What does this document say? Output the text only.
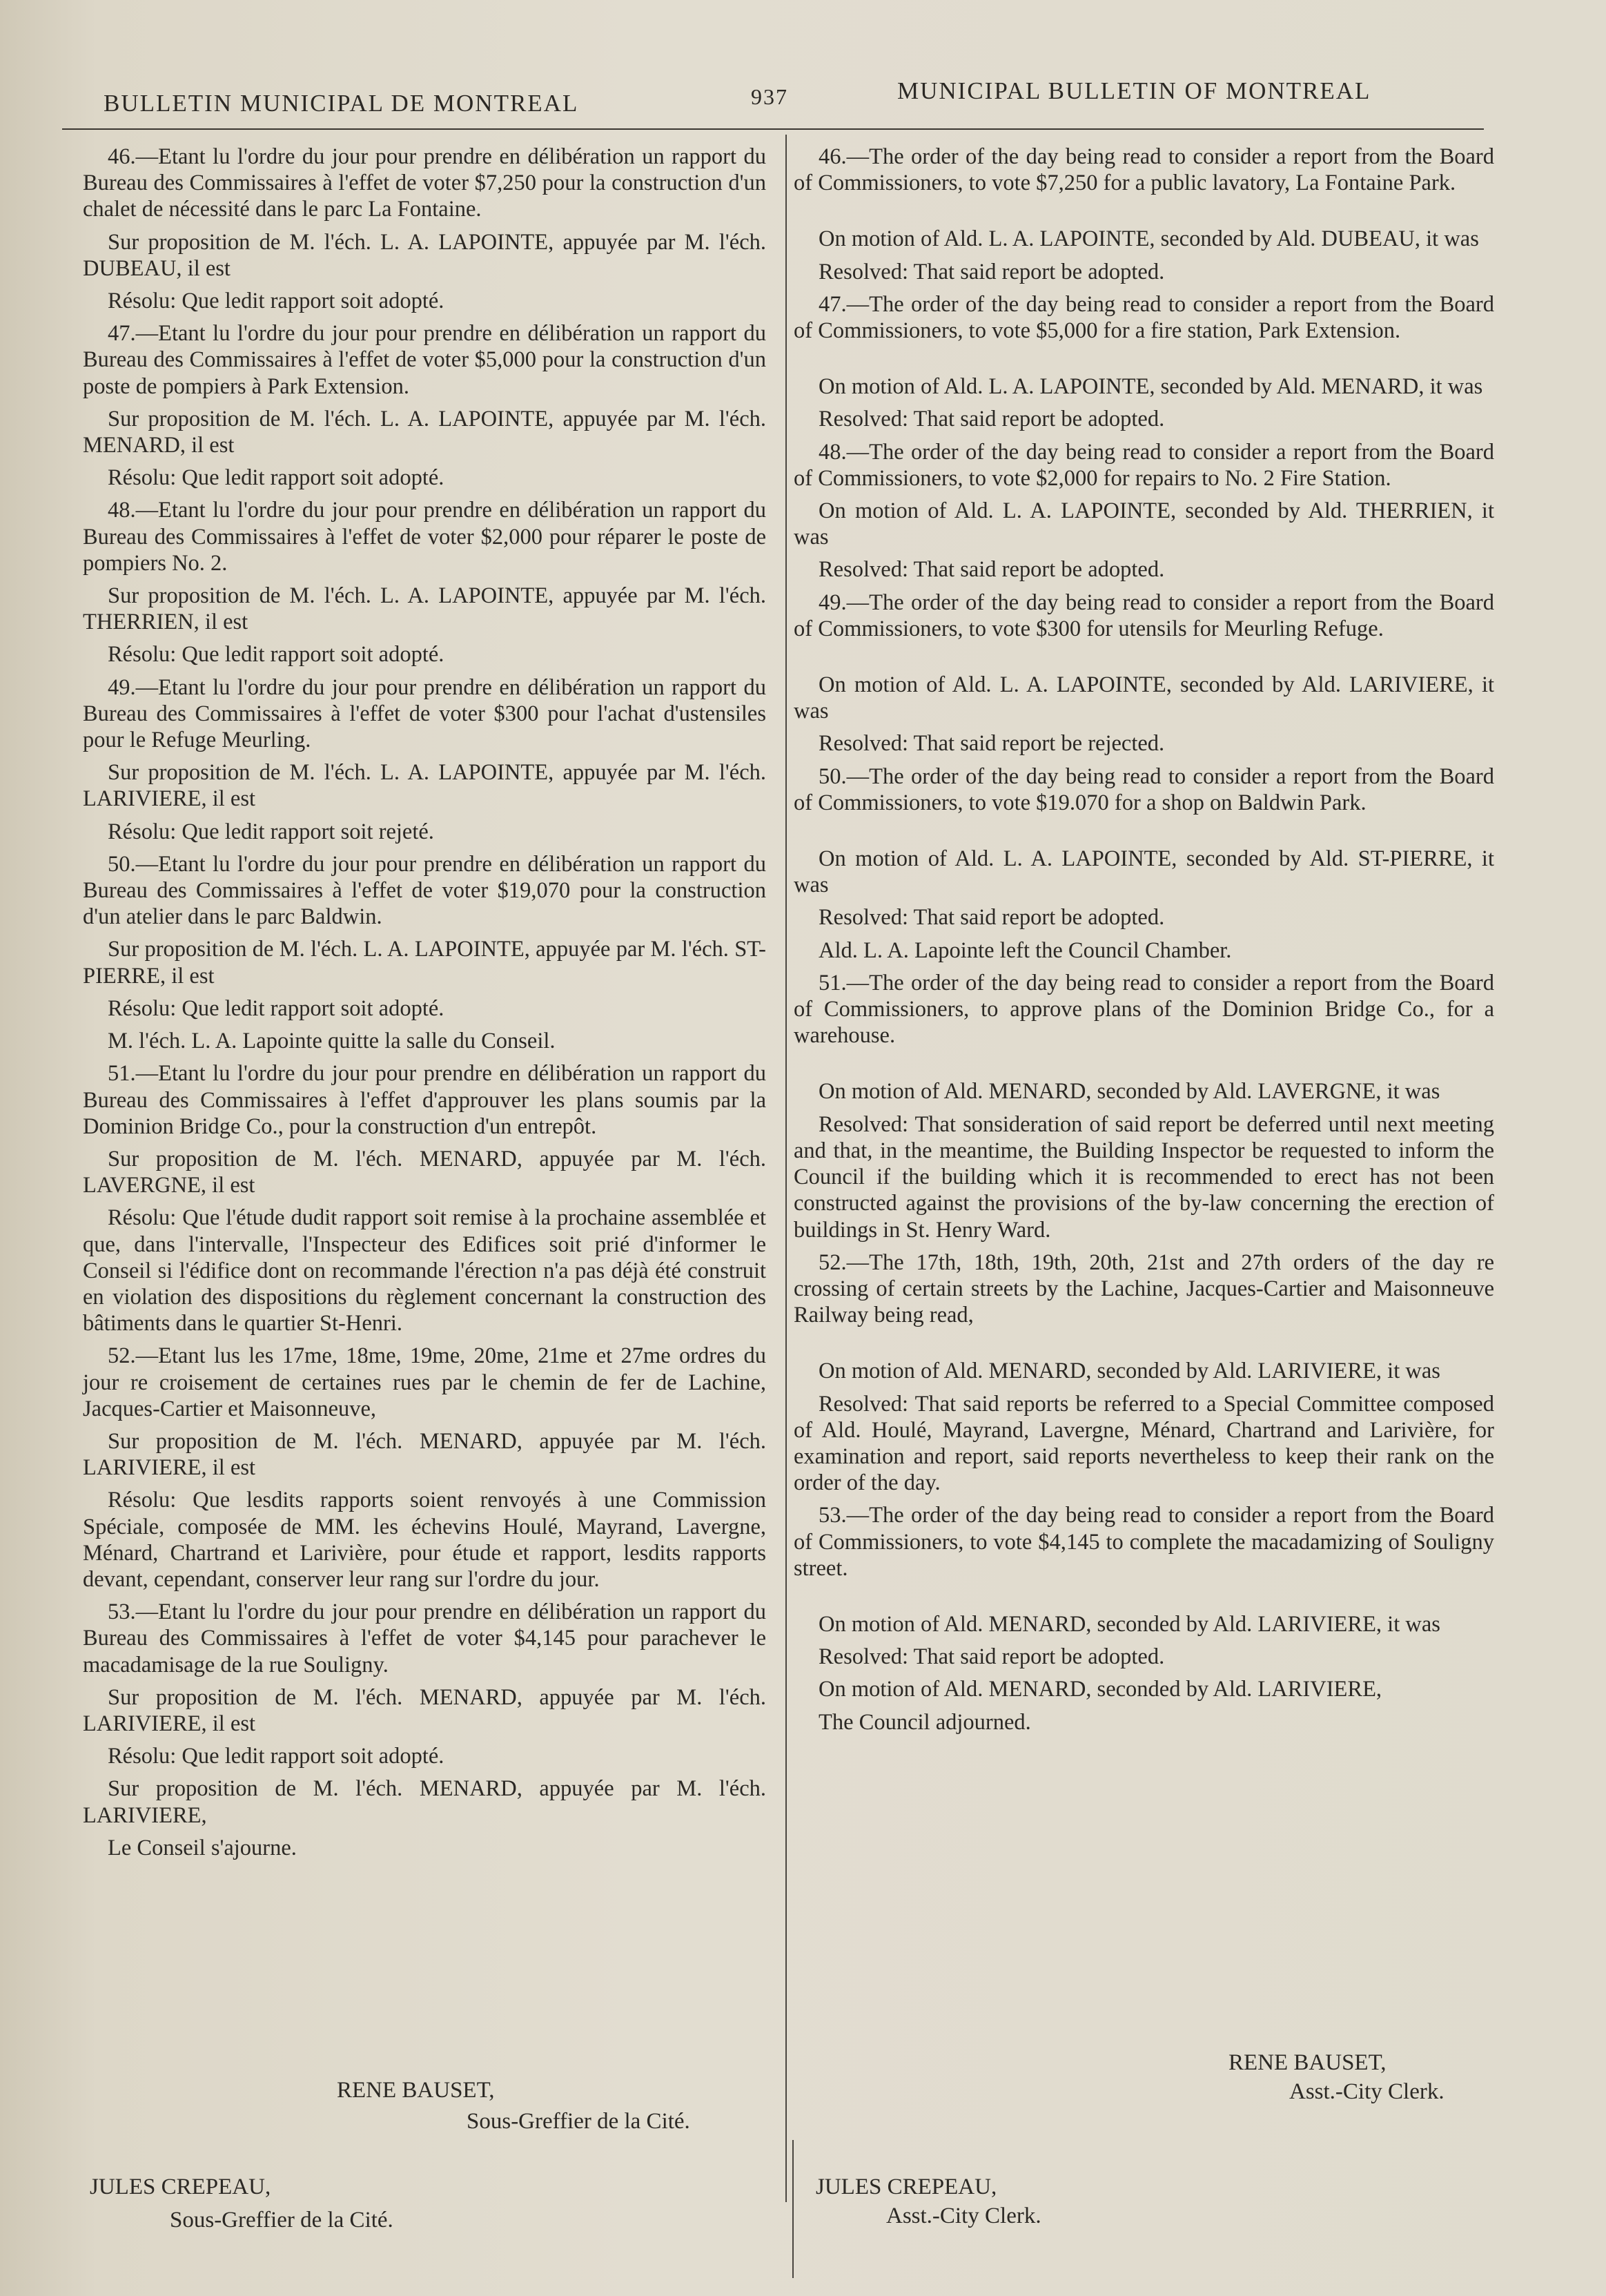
BULLETIN MUNICIPAL DE MONTREAL	937	MUNICIPAL BULLETIN OF MONTREAL

46.—Etant lu l'ordre du jour pour prendre en délibération un rapport du Bureau des Commissaires à l'effet de voter $7,250 pour la construction d'un chalet de nécessité dans le parc La Fontaine.

Sur proposition de M. l'éch. L. A. LAPOINTE, appuyée par M. l'éch. DUBEAU, il est

Résolu: Que ledit rapport soit adopté.

47.—Etant lu l'ordre du jour pour prendre en délibération un rapport du Bureau des Commissaires à l'effet de voter $5,000 pour la construction d'un poste de pompiers à Park Extension.

Sur proposition de M. l'éch. L. A. LAPOINTE, appuyée par M. l'éch. MENARD, il est

Résolu: Que ledit rapport soit adopté.

48.—Etant lu l'ordre du jour pour prendre en délibération un rapport du Bureau des Commissaires à l'effet de voter $2,000 pour réparer le poste de pompiers No. 2.

Sur proposition de M. l'éch. L. A. LAPOINTE, appuyée par M. l'éch. THERRIEN, il est

Résolu: Que ledit rapport soit adopté.

49.—Etant lu l'ordre du jour pour prendre en délibération un rapport du Bureau des Commissaires à l'effet de voter $300 pour l'achat d'ustensiles pour le Refuge Meurling.

Sur proposition de M. l'éch. L. A. LAPOINTE, appuyée par M. l'éch. LARIVIERE, il est

Résolu: Que ledit rapport soit rejeté.

50.—Etant lu l'ordre du jour pour prendre en délibération un rapport du Bureau des Commissaires à l'effet de voter $19,070 pour la construction d'un atelier dans le parc Baldwin.

Sur proposition de M. l'éch. L. A. LAPOINTE, appuyée par M. l'éch. ST-PIERRE, il est

Résolu: Que ledit rapport soit adopté.

M. l'éch. L. A. Lapointe quitte la salle du Conseil.

51.—Etant lu l'ordre du jour pour prendre en délibération un rapport du Bureau des Commissaires à l'effet d'approuver les plans soumis par la Dominion Bridge Co., pour la construction d'un entrepôt.

Sur proposition de M. l'éch. MENARD, appuyée par M. l'éch. LAVERGNE, il est

Résolu: Que l'étude dudit rapport soit remise à la prochaine assemblée et que, dans l'intervalle, l'Inspecteur des Edifices soit prié d'informer le Conseil si l'édifice dont on recommande l'érection n'a pas déjà été construit en violation des dispositions du règlement concernant la construction des bâtiments dans le quartier St-Henri.

52.—Etant lus les 17me, 18me, 19me, 20me, 21me et 27me ordres du jour re croisement de certaines rues par le chemin de fer de Lachine, Jacques-Cartier et Maisonneuve,

Sur proposition de M. l'éch. MENARD, appuyée par M. l'éch. LARIVIERE, il est

Résolu: Que lesdits rapports soient renvoyés à une Commission Spéciale, composée de MM. les échevins Houlé, Mayrand, Lavergne, Ménard, Chartrand et Larivière, pour étude et rapport, lesdits rapports devant, cependant, conserver leur rang sur l'ordre du jour.

53.—Etant lu l'ordre du jour pour prendre en délibération un rapport du Bureau des Commissaires à l'effet de voter $4,145 pour parachever le macadamisage de la rue Souligny.

Sur proposition de M. l'éch. MENARD, appuyée par M. l'éch. LARIVIERE, il est

Résolu: Que ledit rapport soit adopté.

Sur proposition de M. l'éch. MENARD, appuyée par M. l'éch. LARIVIERE,

Le Conseil s'ajourne.

46.—The order of the day being read to consider a report from the Board of Commissioners, to vote $7,250 for a public lavatory, La Fontaine Park.

On motion of Ald. L. A. LAPOINTE, seconded by Ald. DUBEAU, it was

Resolved: That said report be adopted.

47.—The order of the day being read to consider a report from the Board of Commissioners, to vote $5,000 for a fire station, Park Extension.

On motion of Ald. L. A. LAPOINTE, seconded by Ald. MENARD, it was

Resolved: That said report be adopted.

48.—The order of the day being read to consider a report from the Board of Commissioners, to vote $2,000 for repairs to No. 2 Fire Station.

On motion of Ald. L. A. LAPOINTE, seconded by Ald. THERRIEN, it was

Resolved: That said report be adopted.

49.—The order of the day being read to consider a report from the Board of Commissioners, to vote $300 for utensils for Meurling Refuge.

On motion of Ald. L. A. LAPOINTE, seconded by Ald. LARIVIERE, it was

Resolved: That said report be rejected.

50.—The order of the day being read to consider a report from the Board of Commissioners, to vote $19.070 for a shop on Baldwin Park.

On motion of Ald. L. A. LAPOINTE, seconded by Ald. ST-PIERRE, it was

Resolved: That said report be adopted.

Ald. L. A. Lapointe left the Council Chamber.

51.—The order of the day being read to consider a report from the Board of Commissioners, to approve plans of the Dominion Bridge Co., for a warehouse.

On motion of Ald. MENARD, seconded by Ald. LAVERGNE, it was

Resolved: That sonsideration of said report be deferred until next meeting and that, in the meantime, the Building Inspector be requested to inform the Council if the building which it is recommended to erect has not been constructed against the provisions of the by-law concerning the erection of buildings in St. Henry Ward.

52.—The 17th, 18th, 19th, 20th, 21st and 27th orders of the day re crossing of certain streets by the Lachine, Jacques-Cartier and Maisonneuve Railway being read,

On motion of Ald. MENARD, seconded by Ald. LARIVIERE, it was

Resolved: That said reports be referred to a Special Committee composed of Ald. Houlé, Mayrand, Lavergne, Ménard, Chartrand and Larivière, for examination and report, said reports nevertheless to keep their rank on the order of the day.

53.—The order of the day being read to consider a report from the Board of Commissioners, to vote $4,145 to complete the macadamizing of Souligny street.

On motion of Ald. MENARD, seconded by Ald. LARIVIERE, it was

Resolved: That said report be adopted.

On motion of Ald. MENARD, seconded by Ald. LARIVIERE,

The Council adjourned.

RENE BAUSET,
Sous-Greffier de la Cité.
JULES CREPEAU,
Sous-Greffier de la Cité.
RENE BAUSET,
Asst.-City Clerk.
JULES CREPEAU,
Asst.-City Clerk.
